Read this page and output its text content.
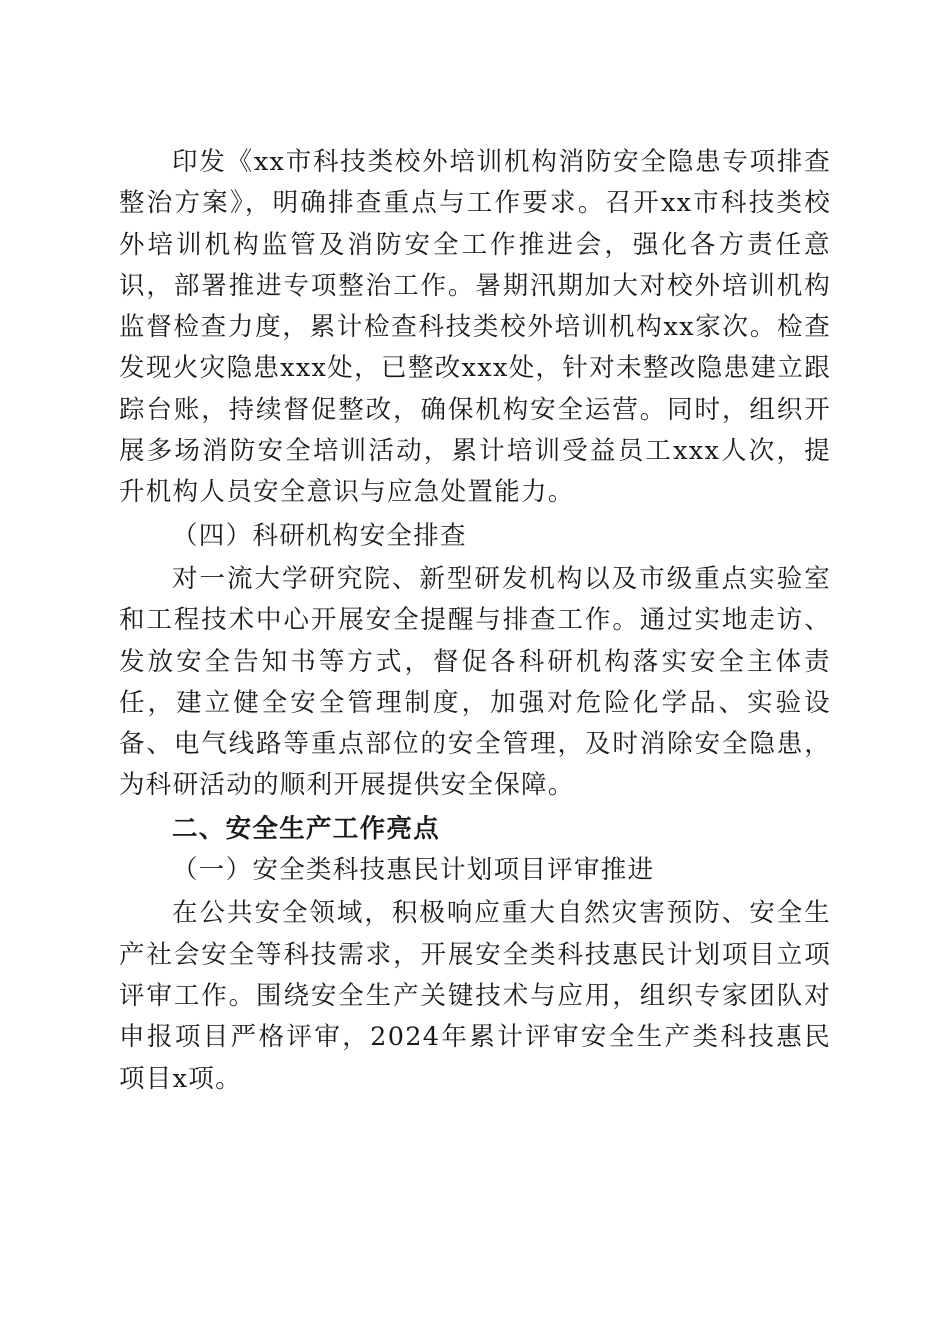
印发《xx市科技类校外培训机构消防安全隐患专项排查整治方案》，明确排查重点与工作要求。召开xx市科技类校外培训机构监管及消防安全工作推进会，强化各方责任意识，部署推进专项整治工作。暑期汛期加大对校外培训机构监督检查力度，累计检查科技类校外培训机构xx家次。检查发现火灾隐患xxx处，已整改xxx处，针对未整改隐患建立跟踪台账，持续督促整改，确保机构安全运营。同时，组织开展多场消防安全培训活动，累计培训受益员工xxx人次，提升机构人员安全意识与应急处置能力。

（四）科研机构安全排查

对一流大学研究院、新型研发机构以及市级重点实验室和工程技术中心开展安全提醒与排查工作。通过实地走访、发放安全告知书等方式，督促各科研机构落实安全主体责任，建立健全安全管理制度，加强对危险化学品、实验设备、电气线路等重点部位的安全管理，及时消除安全隐患，为科研活动的顺利开展提供安全保障。

二、安全生产工作亮点

（一）安全类科技惠民计划项目评审推进

在公共安全领域，积极响应重大自然灾害预防、安全生产社会安全等科技需求，开展安全类科技惠民计划项目立项评审工作。围绕安全生产关键技术与应用，组织专家团队对申报项目严格评审，2024年累计评审安全生产类科技惠民项目x项。
